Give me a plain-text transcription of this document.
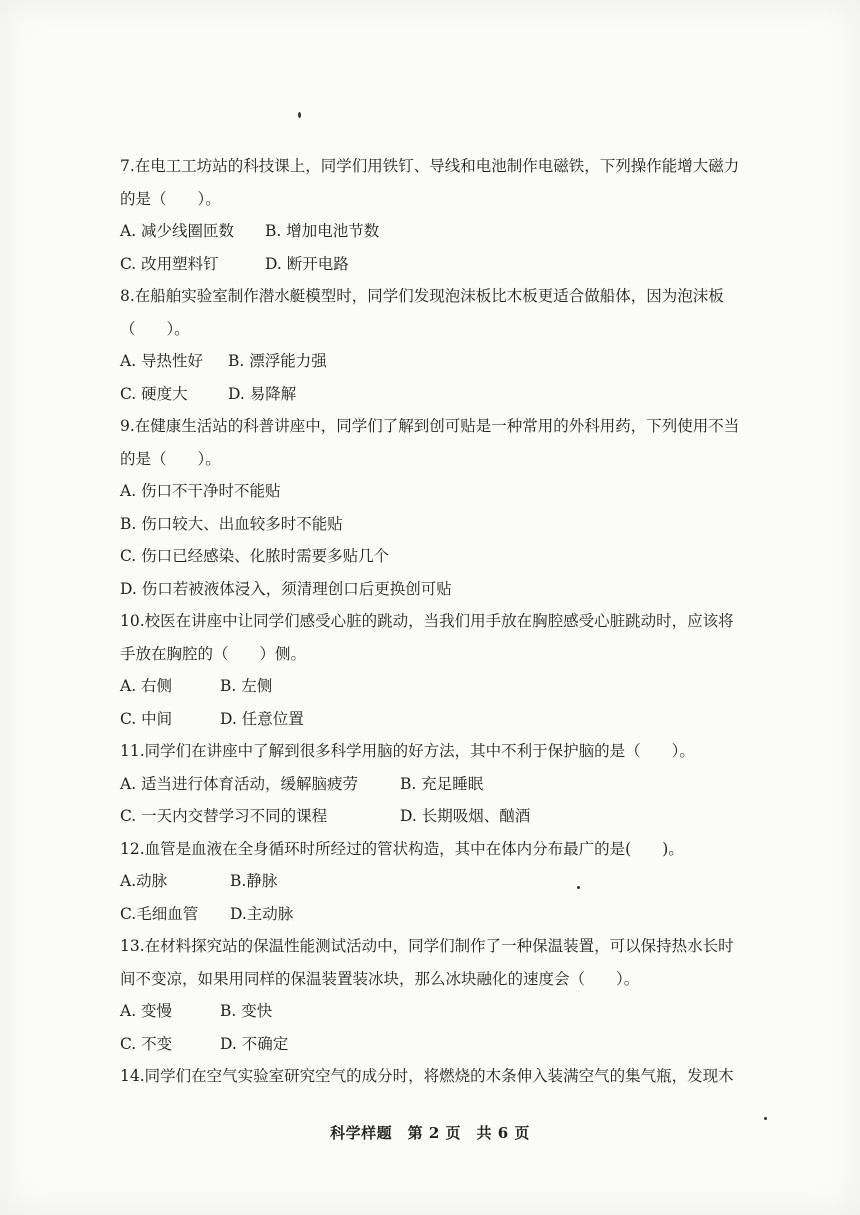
7.在电工工坊站的科技课上，同学们用铁钉、导线和电池制作电磁铁，下列操作能增大磁力
的是（　　）。
A. 减少线圈匝数	B. 增加电池节数
C. 改用塑料钉	D. 断开电路
8.在船舶实验室制作潜水艇模型时，同学们发现泡沫板比木板更适合做船体，因为泡沫板
（　　）。
A. 导热性好	B. 漂浮能力强
C. 硬度大	D. 易降解
9.在健康生活站的科普讲座中，同学们了解到创可贴是一种常用的外科用药，下列使用不当
的是（　　）。
A. 伤口不干净时不能贴
B. 伤口较大、出血较多时不能贴
C. 伤口已经感染、化脓时需要多贴几个
D. 伤口若被液体浸入，须清理创口后更换创可贴
10.校医在讲座中让同学们感受心脏的跳动，当我们用手放在胸腔感受心脏跳动时，应该将
手放在胸腔的（　　）侧。
A. 右侧	B. 左侧
C. 中间	D. 任意位置
11.同学们在讲座中了解到很多科学用脑的好方法，其中不利于保护脑的是（　　）。
A. 适当进行体育活动，缓解脑疲劳	B. 充足睡眠
C. 一天内交替学习不同的课程	D. 长期吸烟、酗酒
12.血管是血液在全身循环时所经过的管状构造，其中在体内分布最广的是(　　)。
A.动脉	B.静脉
C.毛细血管	D.主动脉
13.在材料探究站的保温性能测试活动中，同学们制作了一种保温装置，可以保持热水长时
间不变凉，如果用同样的保温装置装冰块，那么冰块融化的速度会（　　）。
A. 变慢	B. 变快
C. 不变	D. 不确定
14.同学们在空气实验室研究空气的成分时，将燃烧的木条伸入装满空气的集气瓶，发现木
科学样题　第 2 页　共 6 页
